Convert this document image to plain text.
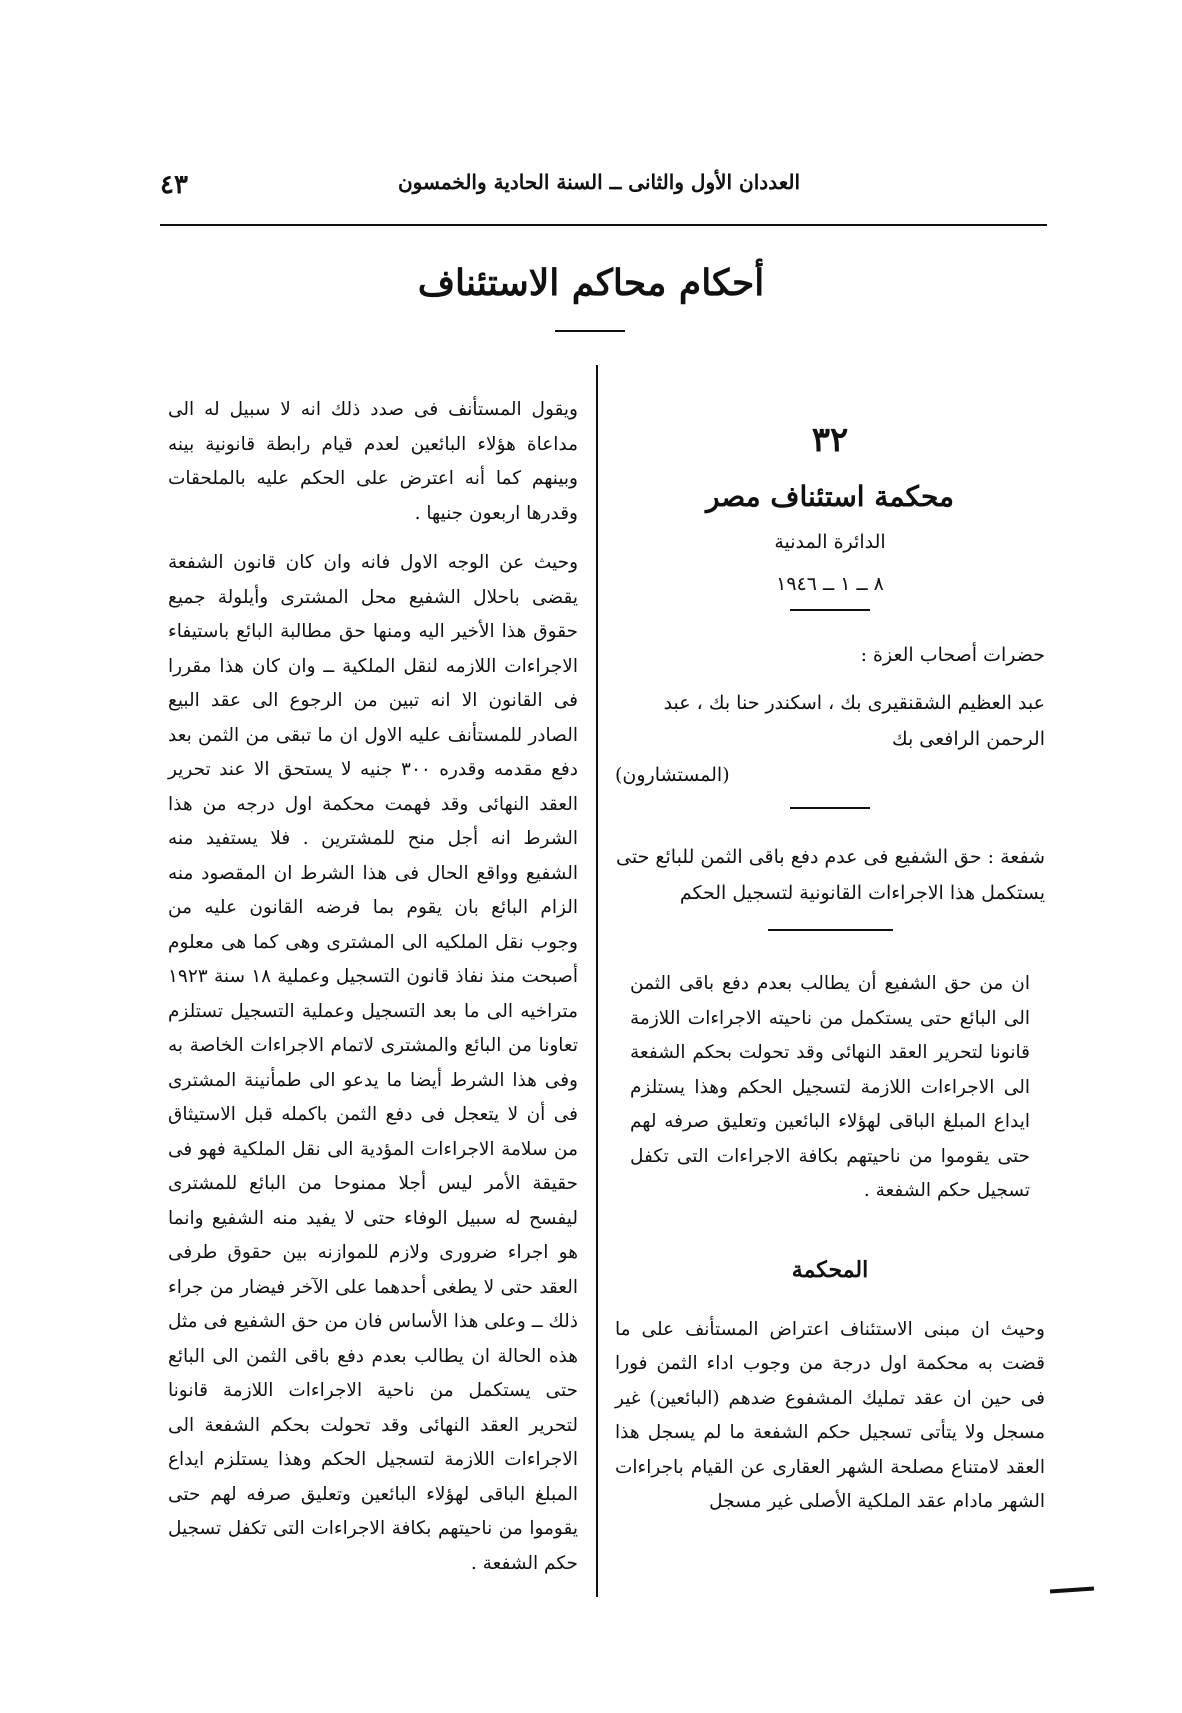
العددان الأول والثانى ــ السنة الحادية والخمسون
٤٣
أحكام محاكم الاستئناف
٣٢
محكمة استئناف مصر
الدائرة المدنية
٨ ــ ١ ــ ١٩٤٦
حضرات أصحاب العزة :
عبد العظيم الشقنقيرى بك ، اسكندر حنا بك ، عبد الرحمن الرافعى بك
(المستشارون)
شفعة : حق الشفيع فى عدم دفع باقى الثمن للبائع حتى يستكمل هذا الاجراءات القانونية لتسجيل الحكم
ان من حق الشفيع أن يطالب بعدم دفع باقى الثمن الى البائع حتى يستكمل من ناحيته الاجراءات اللازمة قانونا لتحرير العقد النهائى وقد تحولت بحكم الشفعة الى الاجراءات اللازمة لتسجيل الحكم وهذا يستلزم ايداع المبلغ الباقى لهؤلاء البائعين وتعليق صرفه لهم حتى يقوموا من ناحيتهم بكافة الاجراءات التى تكفل تسجيل حكم الشفعة .
المحكمة
وحيث ان مبنى الاستئناف اعتراض المستأنف على ما قضت به محكمة اول درجة من وجوب اداء الثمن فورا فى حين ان عقد تمليك المشفوع ضدهم (البائعين) غير مسجل ولا يتأتى تسجيل حكم الشفعة ما لم يسجل هذا العقد لامتناع مصلحة الشهر العقارى عن القيام باجراءات الشهر مادام عقد الملكية الأصلى غير مسجل

ويقول المستأنف فى صدد ذلك انه لا سبيل له الى مداعاة هؤلاء البائعين لعدم قيام رابطة قانونية بينه وبينهم كما أنه اعترض على الحكم عليه بالملحقات وقدرها اربعون جنيها .

وحيث عن الوجه الاول فانه وان كان قانون الشفعة يقضى باحلال الشفيع محل المشترى وأيلولة جميع حقوق هذا الأخير اليه ومنها حق مطالبة البائع باستيفاء الاجراءات اللازمه لنقل الملكية ــ وان كان هذا مقررا فى القانون الا انه تبين من الرجوع الى عقد البيع الصادر للمستأنف عليه الاول ان ما تبقى من الثمن بعد دفع مقدمه وقدره ٣٠٠ جنيه لا يستحق الا عند تحرير العقد النهائى وقد فهمت محكمة اول درجه من هذا الشرط انه أجل منح للمشترين . فلا يستفيد منه الشفيع وواقع الحال فى هذا الشرط ان المقصود منه الزام البائع بان يقوم بما فرضه القانون عليه من وجوب نقل الملكيه الى المشترى وهى كما هى معلوم أصبحت منذ نفاذ قانون التسجيل وعملية ١٨ سنة ١٩٢٣ متراخيه الى ما بعد التسجيل وعملية التسجيل تستلزم تعاونا من البائع والمشترى لاتمام الاجراءات الخاصة به وفى هذا الشرط أيضا ما يدعو الى طمأنينة المشترى فى أن لا يتعجل فى دفع الثمن باكمله قبل الاستيثاق من سلامة الاجراءات المؤدية الى نقل الملكية فهو فى حقيقة الأمر ليس أجلا ممنوحا من البائع للمشترى ليفسح له سبيل الوفاء حتى لا يفيد منه الشفيع وانما هو اجراء ضرورى ولازم للموازنه بين حقوق طرفى العقد حتى لا يطغى أحدهما على الآخر فيضار من جراء ذلك ــ وعلى هذا الأساس فان من حق الشفيع فى مثل هذه الحالة ان يطالب بعدم دفع باقى الثمن الى البائع حتى يستكمل من ناحية الاجراءات اللازمة قانونا لتحرير العقد النهائى وقد تحولت بحكم الشفعة الى الاجراءات اللازمة لتسجيل الحكم وهذا يستلزم ايداع المبلغ الباقى لهؤلاء البائعين وتعليق صرفه لهم حتى يقوموا من ناحيتهم بكافة الاجراءات التى تكفل تسجيل حكم الشفعة .
